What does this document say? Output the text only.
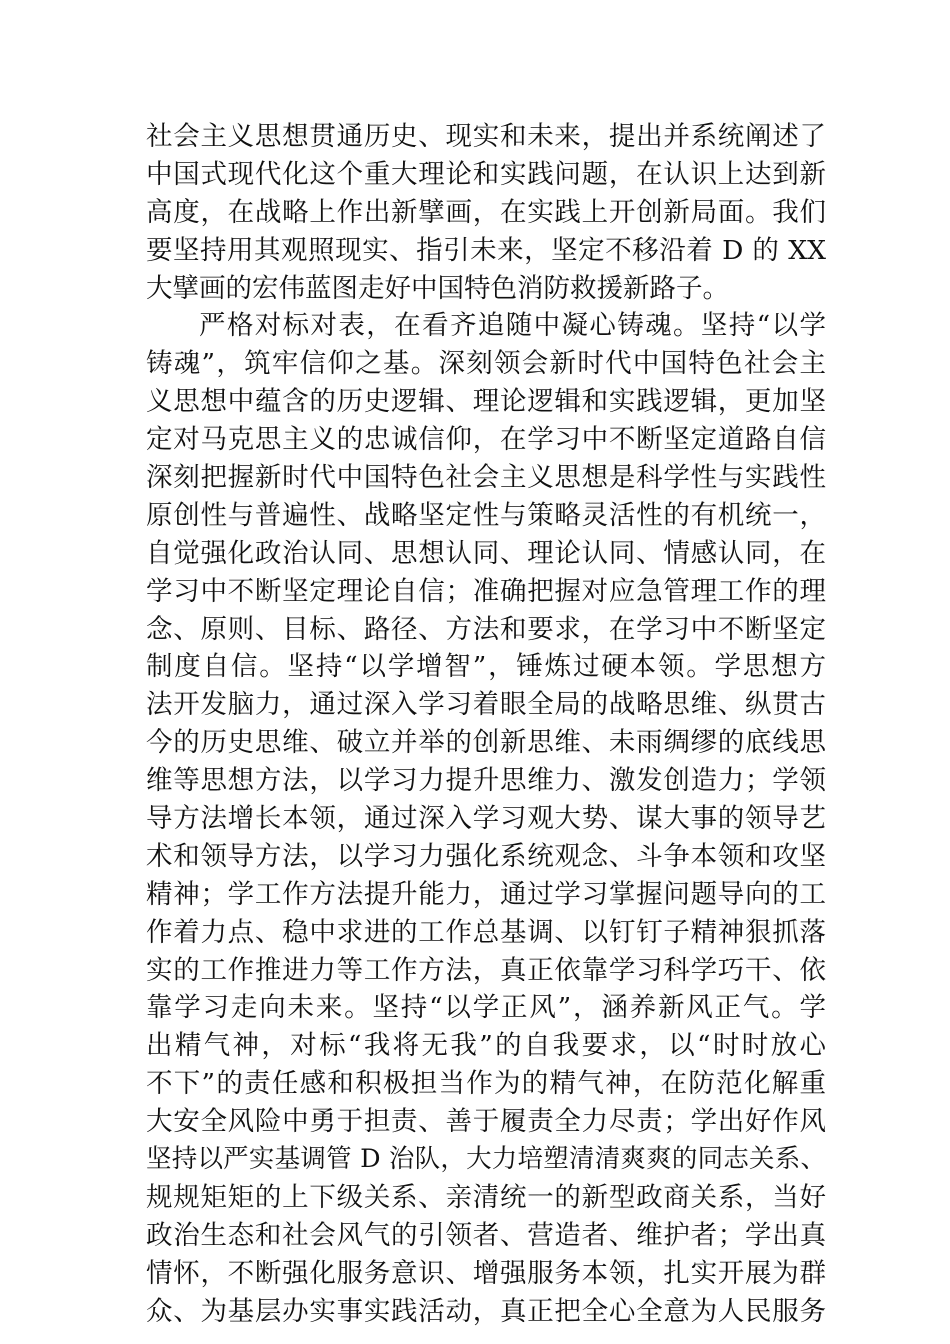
社会主义思想贯通历史、现实和未来，提出并系统阐述了
中国式现代化这个重大理论和实践问题，在认识上达到新
高度，在战略上作出新擘画，在实践上开创新局面。我们
要坚持用其观照现实、指引未来，坚定不移沿着 D 的 XX
大擘画的宏伟蓝图走好中国特色消防救援新路子。
严格对标对表，在看齐追随中凝心铸魂。坚持“以学
铸魂”，筑牢信仰之基。深刻领会新时代中国特色社会主
义思想中蕴含的历史逻辑、理论逻辑和实践逻辑，更加坚
定对马克思主义的忠诚信仰，在学习中不断坚定道路自信
深刻把握新时代中国特色社会主义思想是科学性与实践性
原创性与普遍性、战略坚定性与策略灵活性的有机统一，
自觉强化政治认同、思想认同、理论认同、情感认同，在
学习中不断坚定理论自信；准确把握对应急管理工作的理
念、原则、目标、路径、方法和要求，在学习中不断坚定
制度自信。坚持“以学增智”，锤炼过硬本领。学思想方
法开发脑力，通过深入学习着眼全局的战略思维、纵贯古
今的历史思维、破立并举的创新思维、未雨绸缪的底线思
维等思想方法，以学习力提升思维力、激发创造力；学领
导方法增长本领，通过深入学习观大势、谋大事的领导艺
术和领导方法，以学习力强化系统观念、斗争本领和攻坚
精神；学工作方法提升能力，通过学习掌握问题导向的工
作着力点、稳中求进的工作总基调、以钉钉子精神狠抓落
实的工作推进力等工作方法，真正依靠学习科学巧干、依
靠学习走向未来。坚持“以学正风”，涵养新风正气。学
出精气神，对标“我将无我”的自我要求，以“时时放心
不下”的责任感和积极担当作为的精气神，在防范化解重
大安全风险中勇于担责、善于履责全力尽责；学出好作风
坚持以严实基调管 D 治队，大力培塑清清爽爽的同志关系、
规规矩矩的上下级关系、亲清统一的新型政商关系，当好
政治生态和社会风气的引领者、营造者、维护者；学出真
情怀，不断强化服务意识、增强服务本领，扎实开展为群
众、为基层办实事实践活动，真正把全心全意为人民服务
